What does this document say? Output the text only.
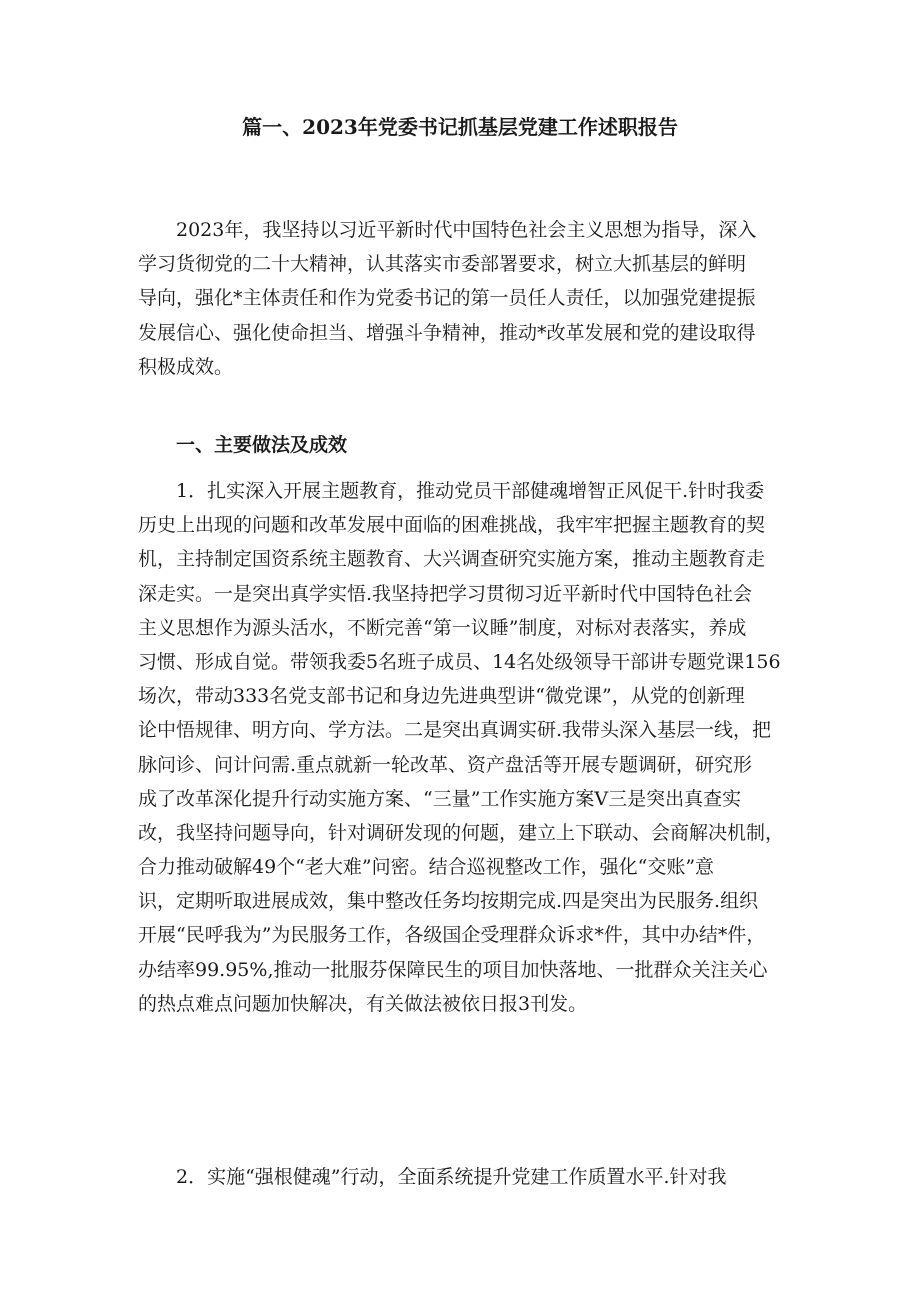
篇一、2023年党委书记抓基层党建工作述职报告
2023年，我坚持以习近平新时代中国特色社会主义思想为指导，深入
学习货彻党的二十大精神，认其落实市委部署要求，树立大抓基层的鲜明
导向，强化*主体责任和作为党委书记的第一员任人责任，以加强党建提振
发展信心、强化使命担当、增强斗争精神，推动*改革发展和党的建设取得
积极成效。
一、主要做法及成效
1．扎实深入开展主题教育，推动党员干部健魂增智正风促干.针时我委
历史上出现的问题和改革发展中面临的困难挑战，我牢牢把握主题教育的契
机，主持制定国资系统主题教育、大兴调查研究实施方案，推动主题教育走
深走实。一是突出真学实悟.我坚持把学习贯彻习近平新时代中国特色社会
主义思想作为源头活水，不断完善“第一议睡”制度，对标对表落实，养成
习惯、形成自觉。带领我委5名班子成员、14名处级领导干部讲专题党课156
场次，带动333名党支部书记和身边先进典型讲“微党课”，从党的创新理
论中悟规律、明方向、学方法。二是突出真调实研.我带头深入基层一线，把
脉问诊、问计问需.重点就新一轮改革、资产盘活等开展专题调研，研究形
成了改革深化提升行动实施方案、“三量”工作实施方案V三是突出真查实
改，我坚持问题导向，针对调研发现的何题，建立上下联动、会商解决机制，
合力推动破解49个“老大难”问密。结合巡视整改工作，强化“交账”意
识，定期听取进展成效，集中整改任务均按期完成.四是突出为民服务.组织
开展“民呼我为”为民服务工作，各级国企受理群众诉求*件，其中办结*件，
办结率99.95%,推动一批服芬保障民生的项目加快落地、一批群众关注关心
的热点难点问题加快解决，有关做法被依日报3刊发。
2．实施“强根健魂”行动，全面系统提升党建工作质置水平.针对我
